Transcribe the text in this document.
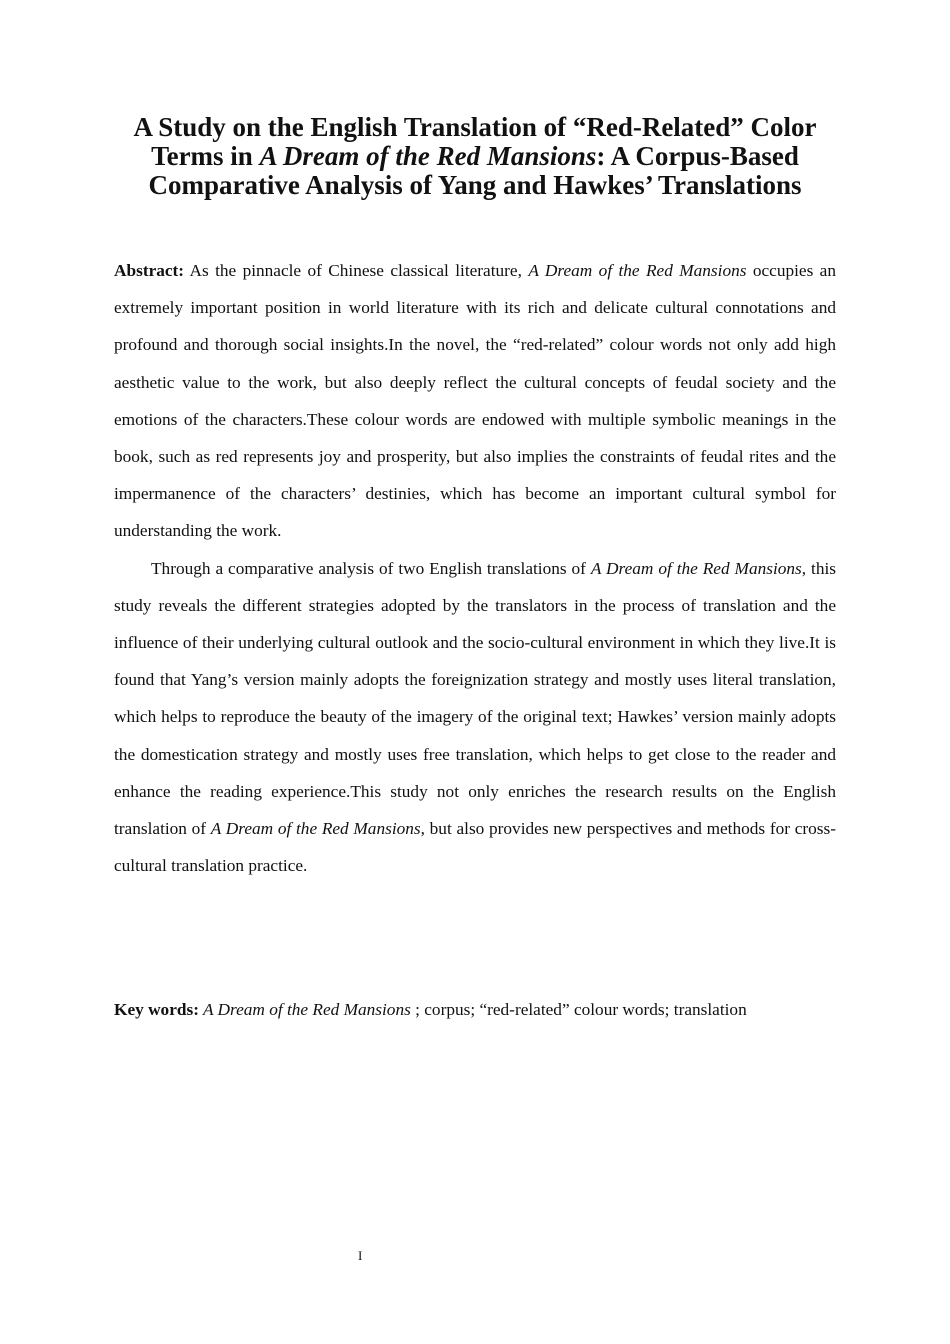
A Study on the English Translation of “Red-Related” Color Terms in A Dream of the Red Mansions: A Corpus-Based Comparative Analysis of Yang and Hawkes’ Translations

Abstract: As the pinnacle of Chinese classical literature, A Dream of the Red Mansions occupies an extremely important position in world literature with its rich and delicate cultural connotations and profound and thorough social insights.In the novel, the “red-related” colour words not only add high aesthetic value to the work, but also deeply reflect the cultural concepts of feudal society and the emotions of the characters.These colour words are endowed with multiple symbolic meanings in the book, such as red represents joy and prosperity, but also implies the constraints of feudal rites and the impermanence of the characters’ destinies, which has become an important cultural symbol for understanding the work.

Through a comparative analysis of two English translations of A Dream of the Red Mansions, this study reveals the different strategies adopted by the translators in the process of translation and the influence of their underlying cultural outlook and the socio-cultural environment in which they live.It is found that Yang’s version mainly adopts the foreignization strategy and mostly uses literal translation, which helps to reproduce the beauty of the imagery of the original text; Hawkes’ version mainly adopts the domestication strategy and mostly uses free translation, which helps to get close to the reader and enhance the reading experience.This study not only enriches the research results on the English translation of A Dream of the Red Mansions, but also provides new perspectives and methods for cross-cultural translation practice.

Key words: A Dream of the Red Mansions ; corpus; “red-related” colour words; translation
I
